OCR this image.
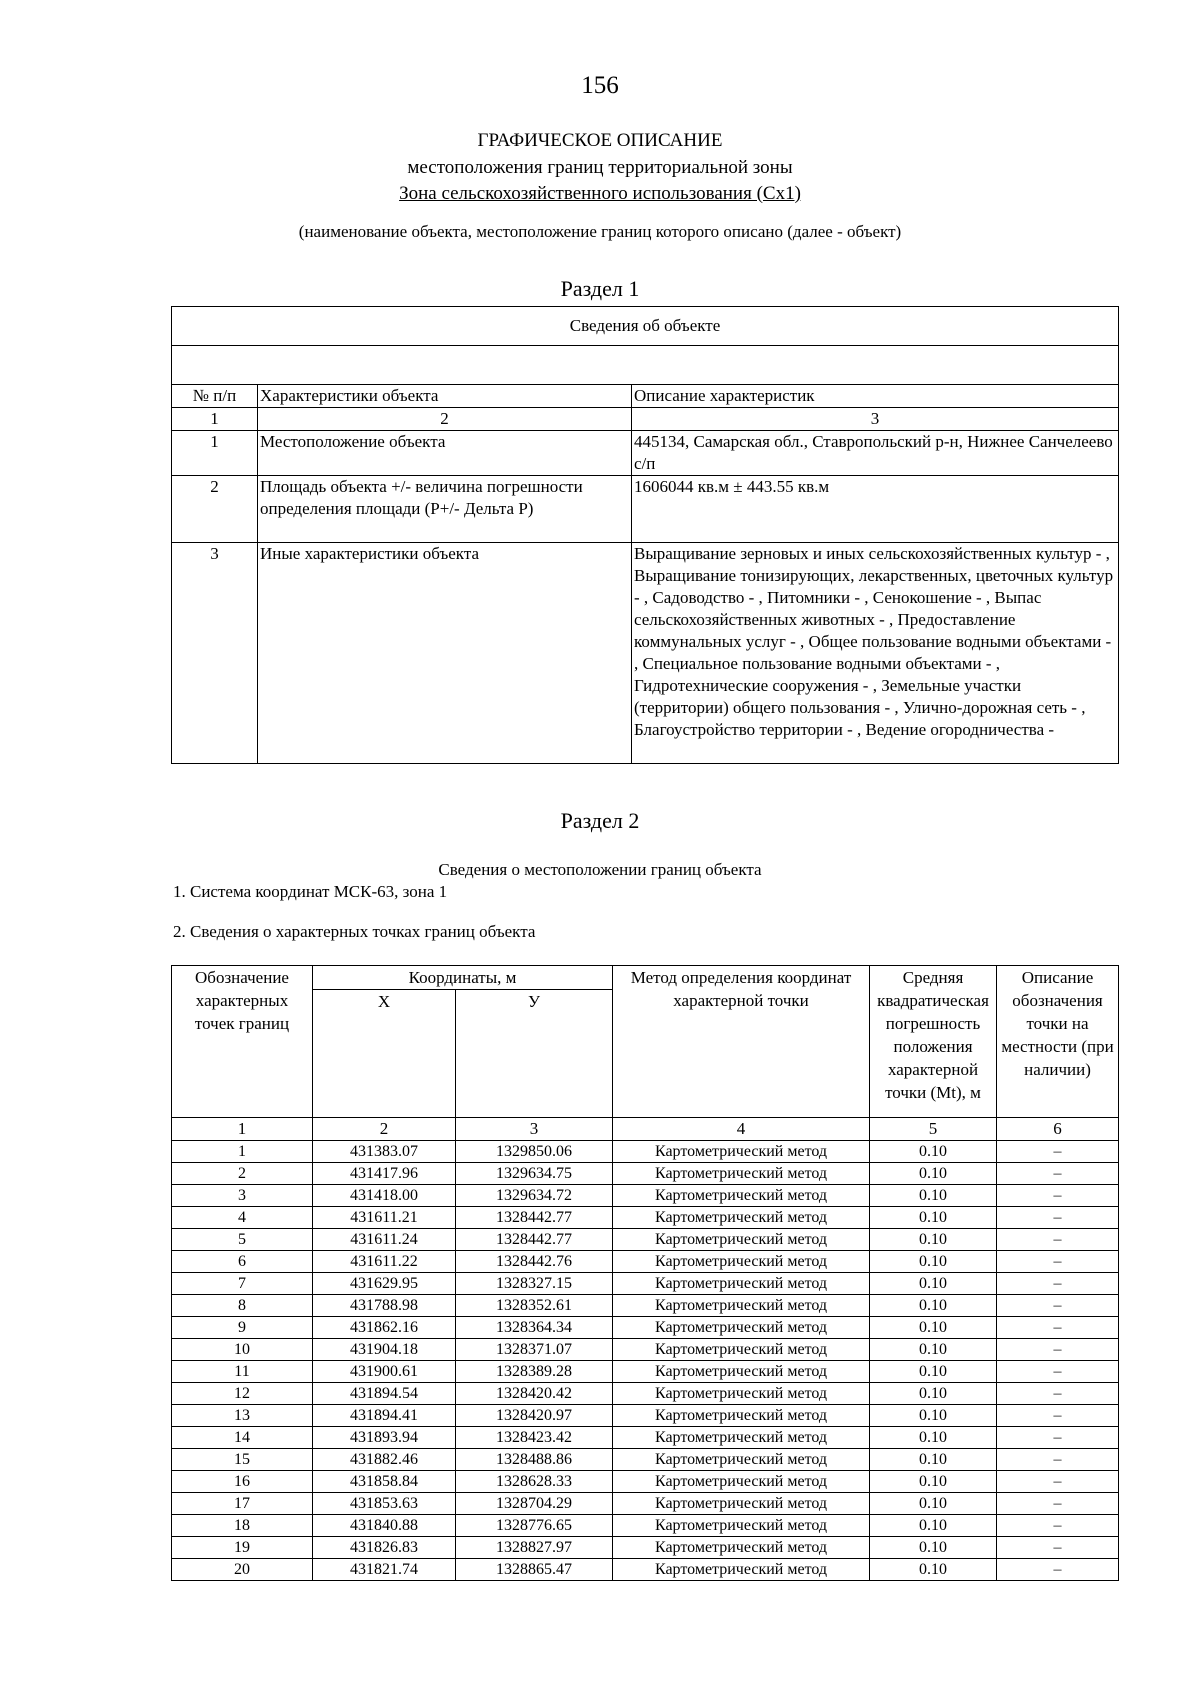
156
ГРАФИЧЕСКОЕ ОПИСАНИЕ
местоположения границ территориальной зоны
Зона сельскохозяйственного использования (Сх1)
(наименование объекта, местоположение границ которого описано (далее - объект)
Раздел 1
Сведения об объекте		

№ п/п	Характеристики объекта	Описание характеристик
1	2	3
1	Местоположение объекта	445134, Самарская обл., Ставропольский р-н, Нижнее Санчелеево с/п
2	Площадь объекта +/- величина погрешности определения площади (Р+/- Дельта Р)	1606044 кв.м ± 443.55 кв.м
3	Иные характеристики объекта	Выращивание зерновых и иных сельскохозяйственных культур - , Выращивание тонизирующих, лекарственных, цветочных культур - , Садоводство - , Питомники - , Сенокошение - , Выпас сельскохозяйственных животных - , Предоставление коммунальных услуг - , Общее пользование водными объектами - , Специальное пользование водными объектами - , Гидротехнические сооружения - , Земельные участки (территории) общего пользования - , Улично-дорожная сеть - , Благоустройство территории - , Ведение огородничества -
Раздел 2
Сведения о местоположении границ объекта
1. Система координат МСК-63, зона 1
2. Сведения о характерных точках границ объекта
Обозначение характерных точек границ	Координаты, м		Метод определения координат характерной точки	Средняя квадратическая погрешность положения характерной точки (Mt), м	Описание обозначения точки на местности (при наличии)
	Х	У			
1	2	3	4	5	6
1	431383.07	1329850.06	Картометрический метод	0.10	–
2	431417.96	1329634.75	Картометрический метод	0.10	–
3	431418.00	1329634.72	Картометрический метод	0.10	–
4	431611.21	1328442.77	Картометрический метод	0.10	–
5	431611.24	1328442.77	Картометрический метод	0.10	–
6	431611.22	1328442.76	Картометрический метод	0.10	–
7	431629.95	1328327.15	Картометрический метод	0.10	–
8	431788.98	1328352.61	Картометрический метод	0.10	–
9	431862.16	1328364.34	Картометрический метод	0.10	–
10	431904.18	1328371.07	Картометрический метод	0.10	–
11	431900.61	1328389.28	Картометрический метод	0.10	–
12	431894.54	1328420.42	Картометрический метод	0.10	–
13	431894.41	1328420.97	Картометрический метод	0.10	–
14	431893.94	1328423.42	Картометрический метод	0.10	–
15	431882.46	1328488.86	Картометрический метод	0.10	–
16	431858.84	1328628.33	Картометрический метод	0.10	–
17	431853.63	1328704.29	Картометрический метод	0.10	–
18	431840.88	1328776.65	Картометрический метод	0.10	–
19	431826.83	1328827.97	Картометрический метод	0.10	–
20	431821.74	1328865.47	Картометрический метод	0.10	–
